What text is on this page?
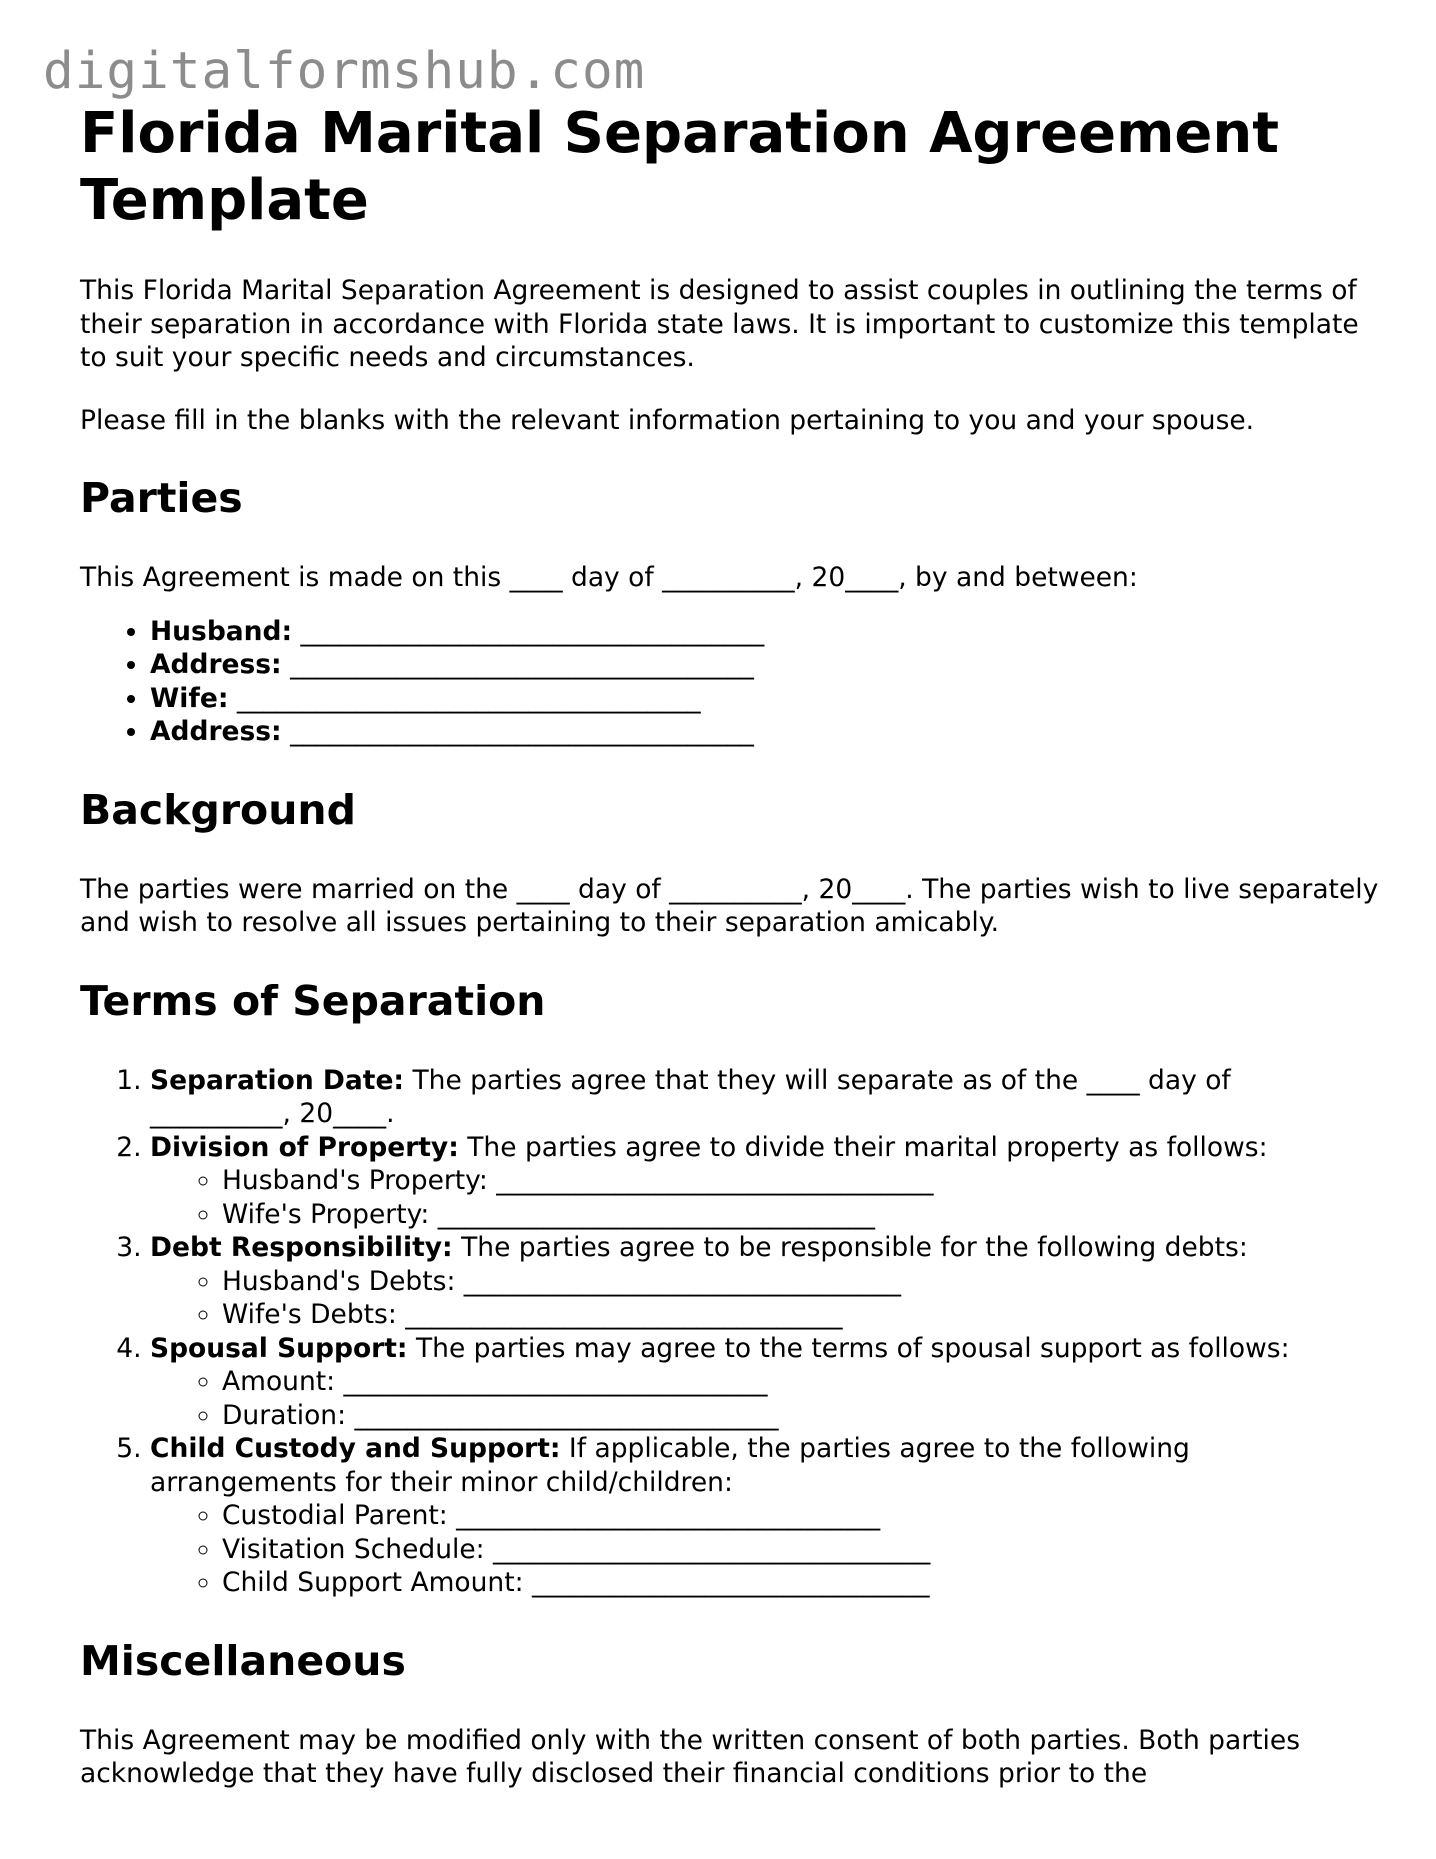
digitalformshub.com
Florida Marital Separation Agreement Template

This Florida Marital Separation Agreement is designed to assist couples in outlining the terms of their separation in accordance with Florida state laws. It is important to customize this template to suit your specific needs and circumstances.

Please fill in the blanks with the relevant information pertaining to you and your spouse.

Parties

This Agreement is made on this ____ day of __________, 20____, by and between:

• Husband: ___________________________________
• Address: ___________________________________
• Wife: ___________________________________
• Address: ___________________________________
Background

The parties were married on the ____ day of __________, 20____. The parties wish to live separately and wish to resolve all issues pertaining to their separation amicably.

Terms of Separation
1. Separation Date: The parties agree that they will separate as of the ____ day of __________, 20____.
2. Division of Property: The parties agree to divide their marital property as follows:
◦ Husband's Property: _________________________________
◦ Wife's Property: _________________________________
3. Debt Responsibility: The parties agree to be responsible for the following debts:
◦ Husband's Debts: _________________________________
◦ Wife's Debts: _________________________________
4. Spousal Support: The parties may agree to the terms of spousal support as follows:
◦ Amount: ________________________________
◦ Duration: ________________________________
5. Child Custody and Support: If applicable, the parties agree to the following arrangements for their minor child/children:
◦ Custodial Parent: ________________________________
◦ Visitation Schedule: _________________________________
◦ Child Support Amount: ______________________________
Miscellaneous

This Agreement may be modified only with the written consent of both parties. Both parties acknowledge that they have fully disclosed their financial conditions prior to the
